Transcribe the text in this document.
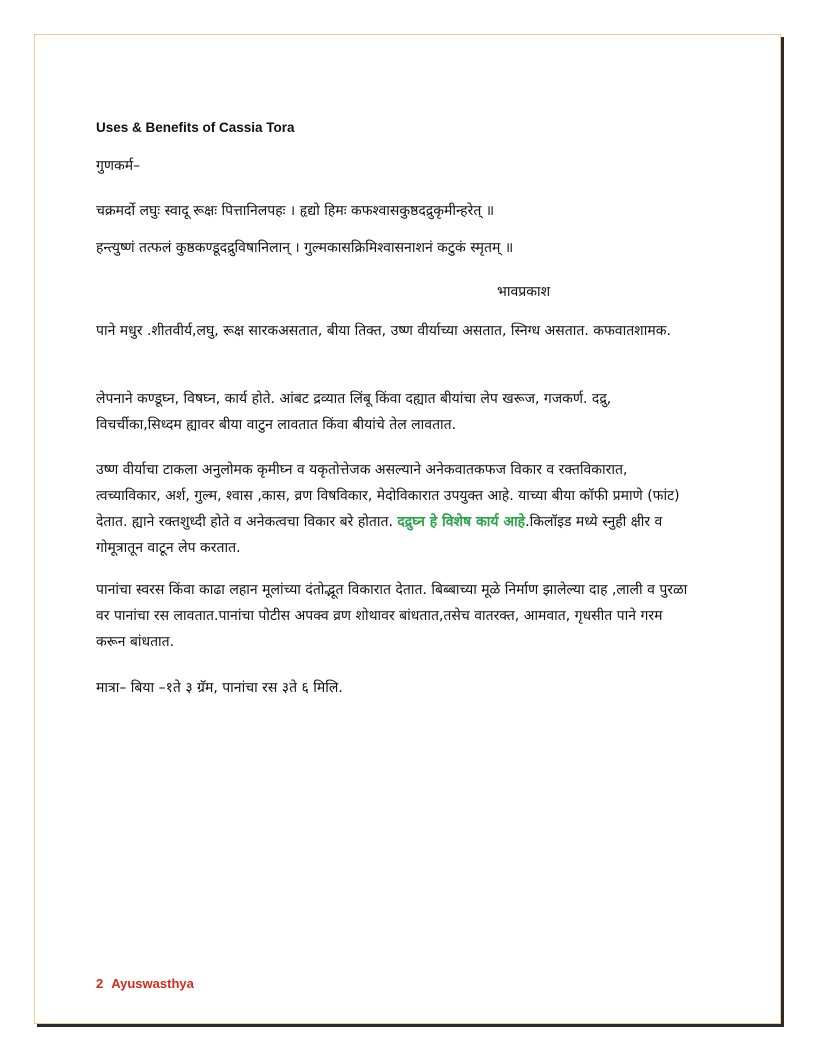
Uses & Benefits of Cassia Tora
गुणकर्म–
चक्रमर्दो लघुः स्वादू रूक्षः पित्तानिलपहः । हृद्यो हिमः कफश्वासकुष्ठदद्रुकृमीन्हरेत् ॥
हन्त्युष्णं तत्फलं कुष्ठकण्डूदद्रुविषानिलान् । गुल्मकासक्रिमिश्वासनाशनं कटुकं स्मृतम् ॥
भावप्रकाश
पाने मधुर .शीतवीर्य,लघु, रूक्ष सारकअसतात, बीया तिक्त, उष्ण वीर्याच्या असतात, स्निग्ध असतात. कफवातशामक.
लेपनाने कण्डूघ्न, विषघ्न, कार्य होते. आंबट द्रव्यात लिंबू किंवा दह्यात बीयांचा लेप खरूज, गजकर्ण. दद्रु, विचर्चीका,सिध्दम ह्यावर बीया वाटुन लावतात किंवा बीयांचे तेल लावतात.
उष्ण वीर्याचा टाकला अनुलोमक कृमीघ्न व यकृतोत्तेजक असल्याने अनेकवातकफज विकार व रक्तविकारात, त्वच्याविकार, अर्श, गुल्म, श्वास ,कास, व्रण विषविकार, मेदोविकारात उपयुक्त आहे. याच्या बीया कॉफी प्रमाणे (फांट) देतात. ह्याने रक्तशुध्दी होते व अनेकत्वचा विकार बरे होतात. दद्रुघ्न हे विशेष कार्य आहे.किलॉइड मध्ये स्नुही क्षीर व गोमूत्रातून वाटून लेप करतात.
पानांचा स्वरस किंवा काढा लहान मूलांच्या दंतोद्भूत विकारात देतात. बिब्बाच्या मूळे निर्माण झालेल्या दाह ,लाली व पुरळा वर पानांचा रस लावतात.पानांचा पोटीस अपक्व व्रण शोथावर बांधतात,तसेच वातरक्त, आमवात, गृधसीत पाने गरम करून बांधतात.
मात्रा– बिया –१ते ३ ग्रॅम, पानांचा रस ३ते ६ मिलि.
2 Ayuswasthya
